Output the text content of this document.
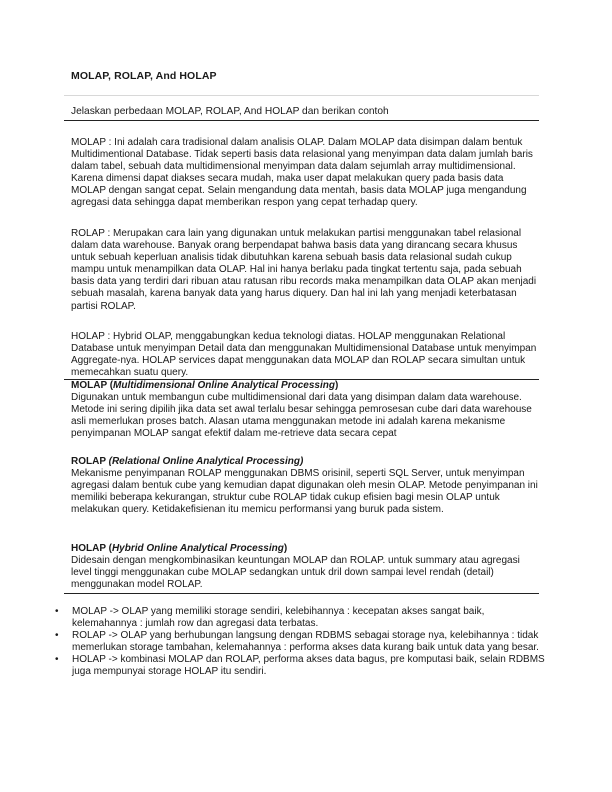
MOLAP, ROLAP, And HOLAP
Jelaskan perbedaan MOLAP, ROLAP, And HOLAP dan berikan contoh

MOLAP : Ini adalah cara tradisional dalam analisis OLAP. Dalam MOLAP data disimpan dalam bentuk Multidimentional Database. Tidak seperti basis data relasional yang menyimpan data dalam jumlah baris dalam tabel, sebuah data multidimensional menyimpan data dalam sejumlah array multidimensional. Karena dimensi dapat diakses secara mudah, maka user dapat melakukan query pada basis data MOLAP dengan sangat cepat. Selain mengandung data mentah, basis data MOLAP juga mengandung agregasi data sehingga dapat memberikan respon yang cepat terhadap query.

ROLAP : Merupakan cara lain yang digunakan untuk melakukan partisi menggunakan tabel relasional dalam data warehouse. Banyak orang berpendapat bahwa basis data yang dirancang secara khusus untuk sebuah keperluan analisis tidak dibutuhkan karena sebuah basis data relasional sudah cukup mampu untuk menampilkan data OLAP. Hal ini hanya berlaku pada tingkat tertentu saja, pada sebuah basis data yang terdiri dari ribuan atau ratusan ribu records maka menampilkan data OLAP akan menjadi sebuah masalah, karena banyak data yang harus diquery. Dan hal ini lah yang menjadi keterbatasan partisi ROLAP.

HOLAP : Hybrid OLAP, menggabungkan kedua teknologi diatas. HOLAP menggunakan Relational Database untuk menyimpan Detail data dan menggunakan Multidimensional Database untuk menyimpan Aggregate-nya. HOLAP services dapat menggunakan data MOLAP dan ROLAP secara simultan untuk memecahkan suatu query.

MOLAP (Multidimensional Online Analytical Processing)

Digunakan untuk membangun cube multidimensional dari data yang disimpan dalam data warehouse. Metode ini sering dipilih jika data set awal terlalu besar sehingga pemrosesan cube dari data warehouse asli memerlukan proses batch. Alasan utama menggunakan metode ini adalah karena mekanisme penyimpanan MOLAP sangat efektif dalam me-retrieve data secara cepat

ROLAP (Relational Online Analytical Processing)

Mekanisme penyimpanan ROLAP menggunakan DBMS orisinil, seperti SQL Server, untuk menyimpan agregasi dalam bentuk cube yang kemudian dapat digunakan oleh mesin OLAP. Metode penyimpanan ini memiliki beberapa kekurangan, struktur cube ROLAP tidak cukup efisien bagi mesin OLAP untuk melakukan query. Ketidakefisienan itu memicu performansi yang buruk pada sistem.

HOLAP (Hybrid Online Analytical Processing)

Didesain dengan mengkombinasikan keuntungan MOLAP dan ROLAP. untuk summary atau agregasi level tinggi menggunakan cube MOLAP sedangkan untuk dril down sampai level rendah (detail) menggunakan model ROLAP.

• MOLAP -> OLAP yang memiliki storage sendiri, kelebihannya : kecepatan akses sangat baik, kelemahannya : jumlah row dan agregasi data terbatas.
• ROLAP -> OLAP yang berhubungan langsung dengan RDBMS sebagai storage nya, kelebihannya : tidak memerlukan storage tambahan, kelemahannya : performa akses data kurang baik untuk data yang besar.
• HOLAP -> kombinasi MOLAP dan ROLAP, performa akses data bagus, pre komputasi baik, selain RDBMS juga mempunyai storage HOLAP itu sendiri.
